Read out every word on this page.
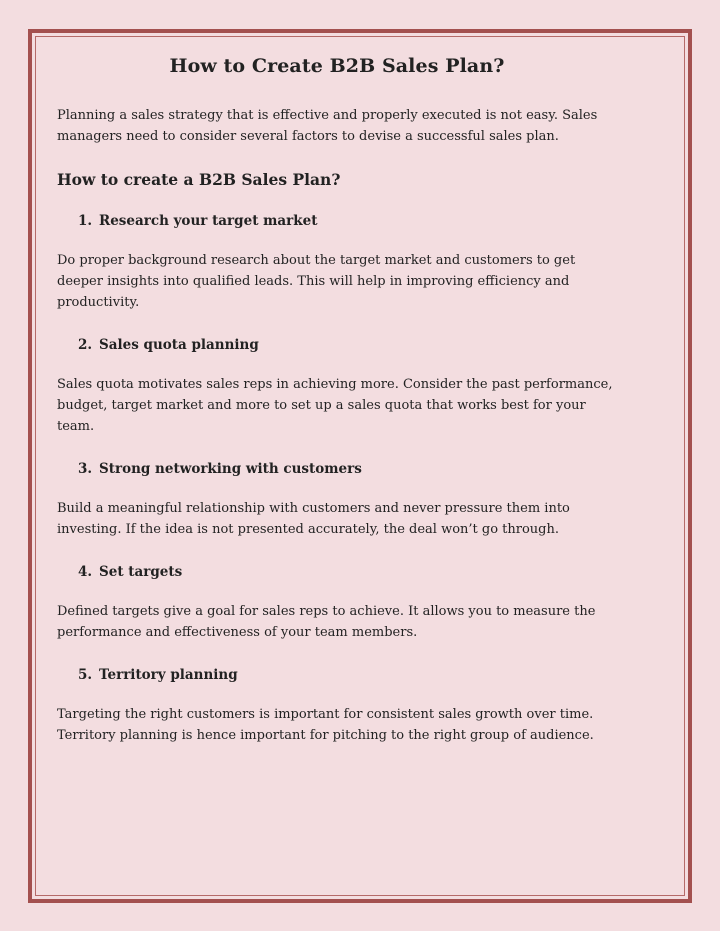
How to Create B2B Sales Plan?

Planning a sales strategy that is effective and properly executed is not easy. Sales managers need to consider several factors to devise a successful sales plan.

How to create a B2B Sales Plan?
1. Research your target market

Do proper background research about the target market and customers to get deeper insights into qualified leads. This will help in improving efficiency and productivity.

2. Sales quota planning

Sales quota motivates sales reps in achieving more. Consider the past performance, budget, target market and more to set up a sales quota that works best for your team.

3. Strong networking with customers

Build a meaningful relationship with customers and never pressure them into investing. If the idea is not presented accurately, the deal won’t go through.

4. Set targets

Defined targets give a goal for sales reps to achieve. It allows you to measure the performance and effectiveness of your team members.

5. Territory planning

Targeting the right customers is important for consistent sales growth over time. Territory planning is hence important for pitching to the right group of audience.
